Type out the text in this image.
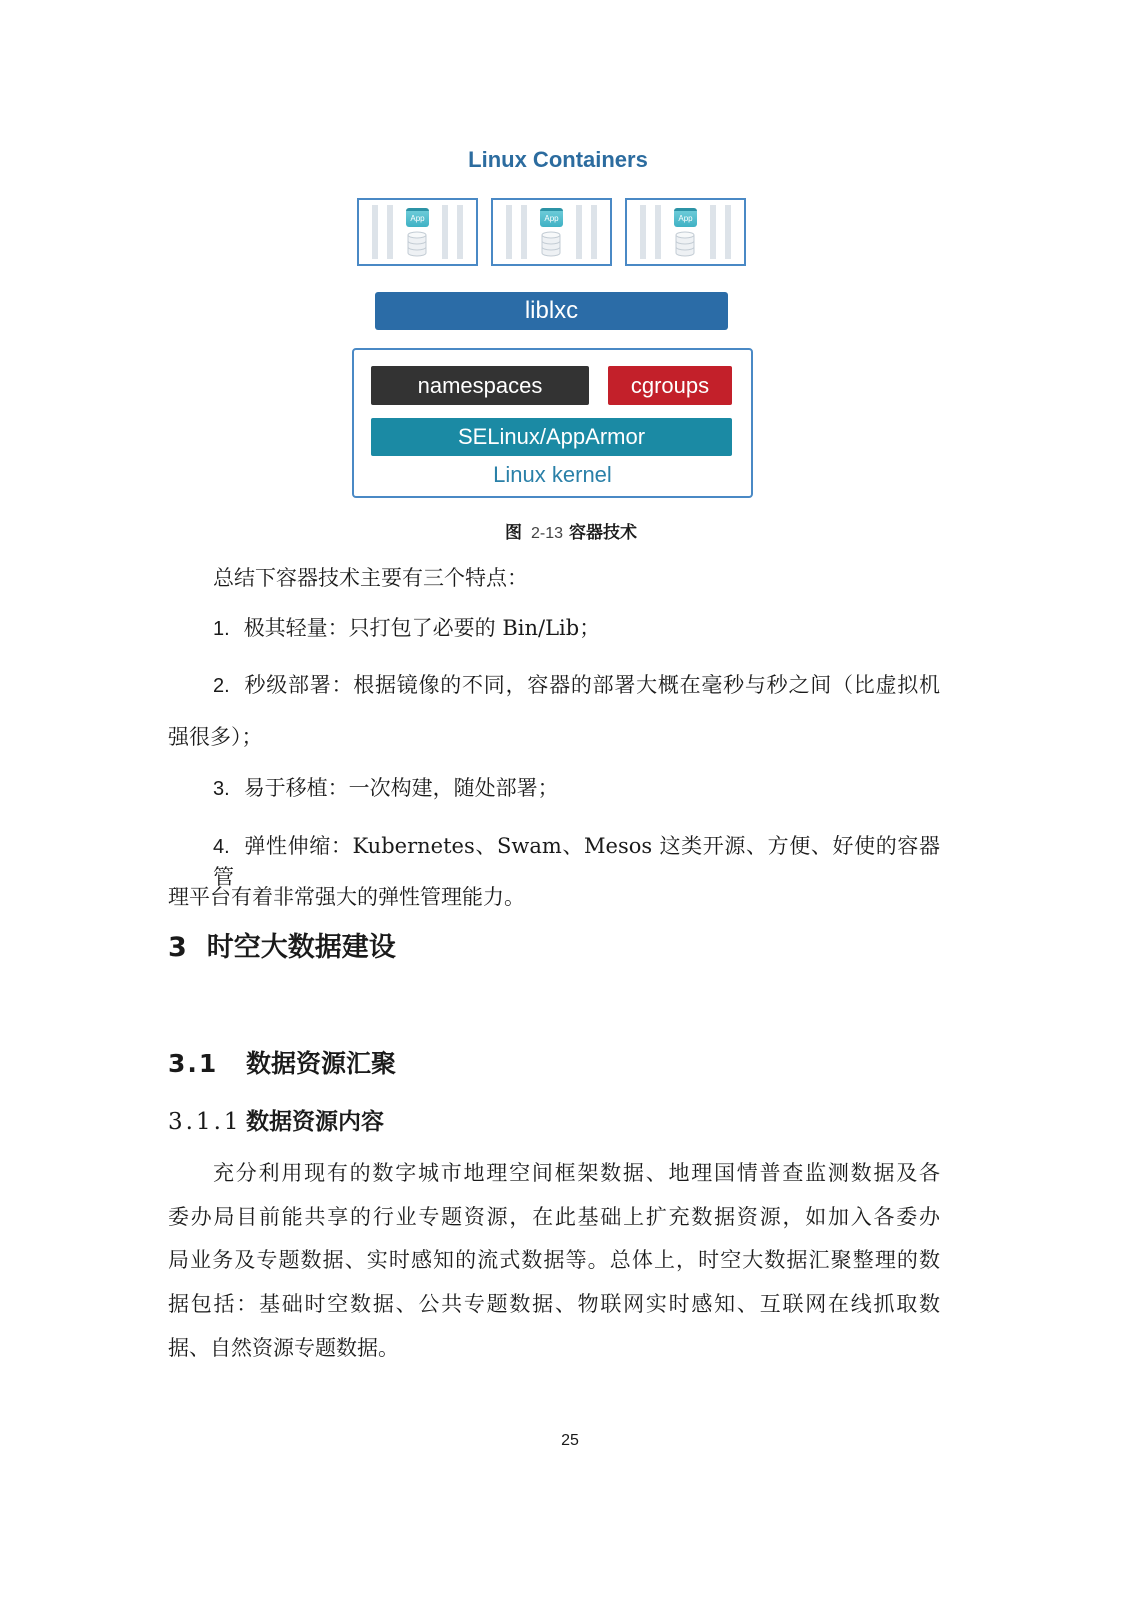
Linux Containers
App	App	App
liblxc
namespaces	cgroups
SELinux/AppArmor
Linux kernel
图 2-13 容器技术
总结下容器技术主要有三个特点：
1. 极其轻量：只打包了必要的 Bin/Lib；
2. 秒级部署：根据镜像的不同，容器的部署大概在毫秒与秒之间（比虚拟机
强很多）；
3. 易于移植：一次构建，随处部署；
4. 弹性伸缩：Kubernetes、Swam、Mesos 这类开源、方便、好使的容器管
理平台有着非常强大的弹性管理能力。
3 时空大数据建设
3.1 数据资源汇聚
3.1.1 数据资源内容
充分利用现有的数字城市地理空间框架数据、地理国情普查监测数据及各
委办局目前能共享的行业专题资源，在此基础上扩充数据资源，如加入各委办
局业务及专题数据、实时感知的流式数据等。总体上，时空大数据汇聚整理的数
据包括：基础时空数据、公共专题数据、物联网实时感知、互联网在线抓取数
据、自然资源专题数据。
25
